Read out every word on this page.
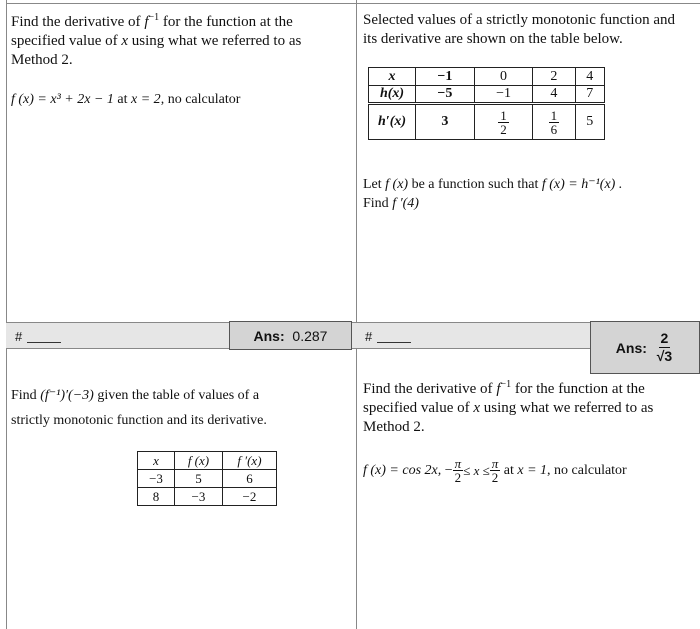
Find the derivative of $f^{-1}$ for the function at the
specified value of x using what we referred to as
Method 2.
f (x) = x³ + 2x − 1 at x = 2, no calculator
Selected values of a strictly monotonic function and
its derivative are shown on the table below.
x	−1	0	2	4
h(x)	−5	−1	4	7
h′(x)	3	$\frac{1}{2}$	$\frac{1}{6}$	5
Let f (x) be a function such that f (x) = h⁻¹(x) .
Find f ′(4)
#	Ans:
0.287	#
Ans:
$\frac{2}{√3}$
Find (f⁻¹)′(−3) given the table of values of a
strictly monotonic function and its derivative.
x	f (x)	f ′(x)
−3	5	6
8	−3	−2
Find the derivative of $f^{-1}$ for the function at the
specified value of x using what we referred to as
Method 2.
f (x) = cos 2x,
− $\frac{\pi}{2} \le x \le \frac{\pi}{2}$
at
x = 1 , no calculator
